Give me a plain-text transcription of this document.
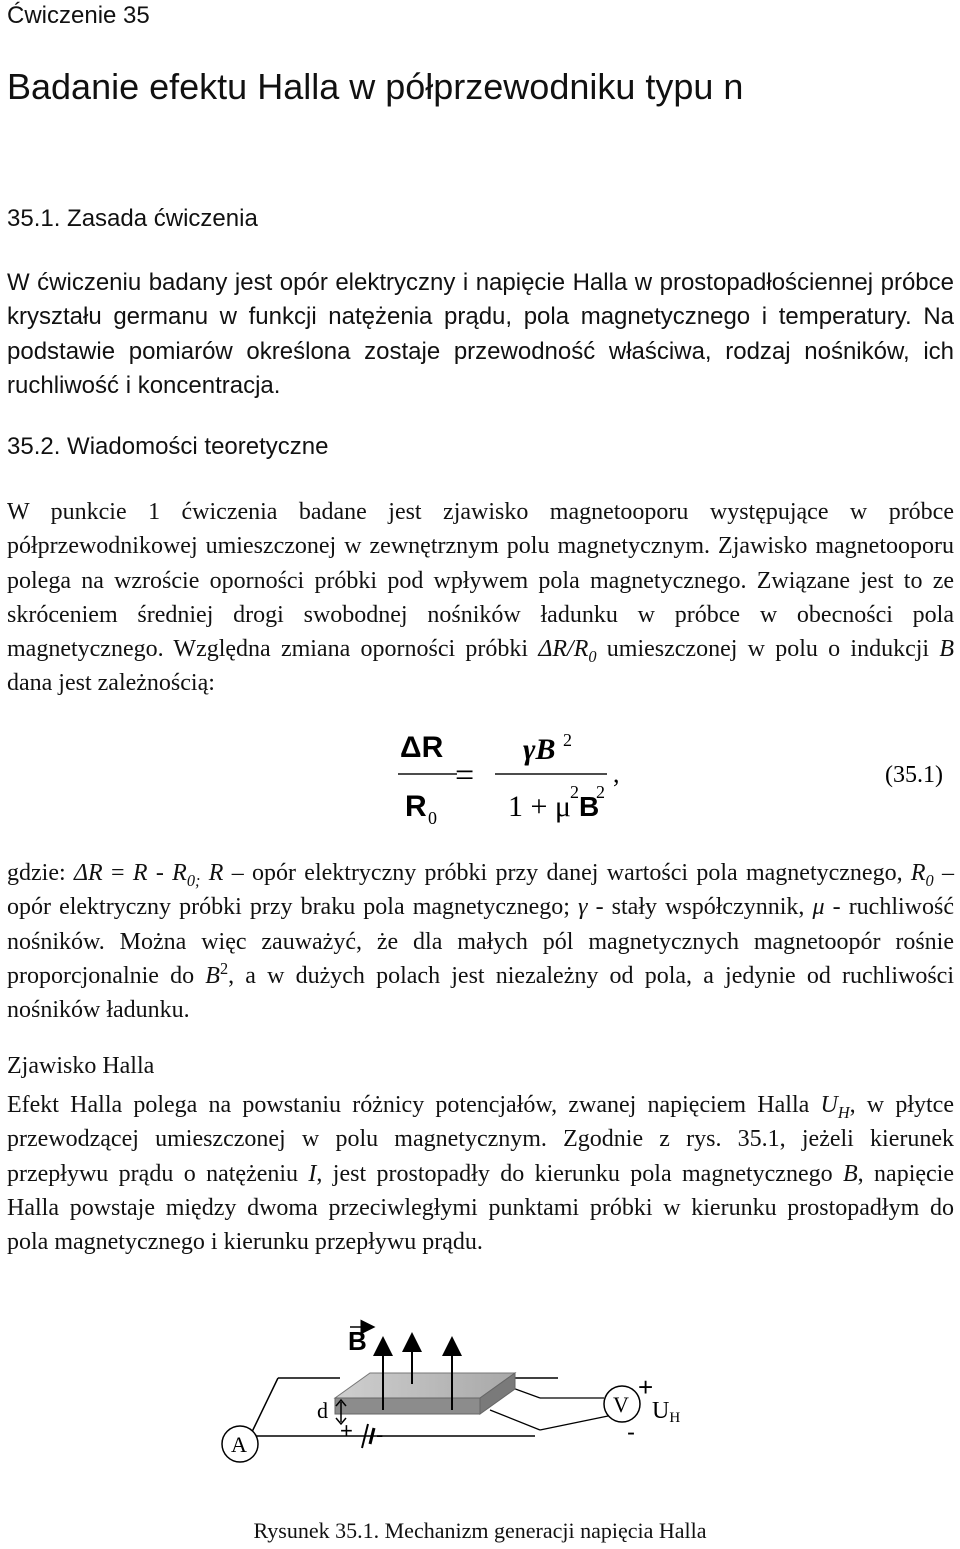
Ćwiczenie 35
Badanie efektu Halla w półprzewodniku typu n
35.1. Zasada ćwiczenia
W ćwiczeniu badany jest opór elektryczny i napięcie Halla w prostopadłościennej próbce kryształu germanu w funkcji natężenia prądu, pola magnetycznego i temperatury. Na podstawie pomiarów określona zostaje przewodność właściwa, rodzaj nośników, ich ruchliwość i koncentracja.
35.2. Wiadomości teoretyczne
W punkcie 1 ćwiczenia badane jest zjawisko magnetooporu występujące w próbce półprzewodnikowej umieszczonej w zewnętrznym polu magnetycznym. Zjawisko magnetooporu polega na wzroście oporności próbki pod wpływem pola magnetycznego. Związane jest to ze skróceniem średniej drogi swobodnej nośników ładunku w próbce w obecności pola magnetycznego. Względna zmiana oporności próbki $\Delta R/R_0$ umieszczonej w polu o indukcji B dana jest zależnością:
ΔR
R 0
=
γB 2
1 + μ
2 B
2
,	(35.1)
gdzie: $\Delta R = R - R_{0;}$ R – opór elektryczny próbki przy danej wartości pola magnetycznego, $R_0$ – opór elektryczny próbki przy braku pola magnetycznego; γ - stały współczynnik, μ - ruchliwość nośników. Można więc zauważyć, że dla małych pól magnetycznych magnetoopór rośnie proporcjonalnie do $B^2$, a w dużych polach jest niezależny od pola, a jedynie od ruchliwości nośników ładunku.
Zjawisko Halla
Efekt Halla polega na powstaniu różnicy potencjałów, zwanej napięciem Halla $U_H$, w płytce przewodzącej umieszczonej w polu magnetycznym. Zgodnie z rys. 35.1, jeżeli kierunek przepływu prądu o natężeniu I, jest prostopadły do kierunku pola magnetycznego B, napięcie Halla powstaje między dwoma przeciwległymi punktami próbki w kierunku prostopadłym do pola magnetycznego i kierunku przepływu prądu.
B
d
A
V
+
-
UH
+ -
Rysunek 35.1. Mechanizm generacji napięcia Halla
